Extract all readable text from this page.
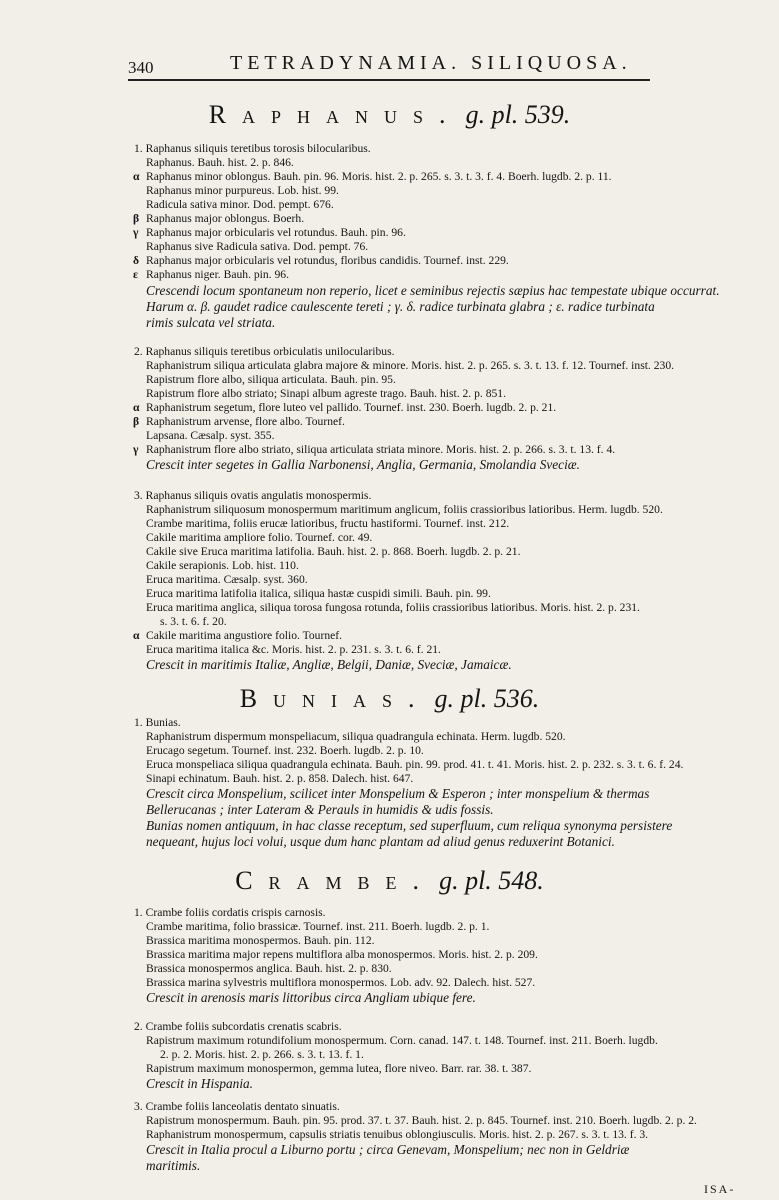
340	TETRADYNAMIA. SILIQUOSA.
Raphanus. g. pl. 539.
1. Raphanus siliquis teretibus torosis bilocularibus.
Raphanus. Bauh. hist. 2. p. 846.
α Raphanus minor oblongus. Bauh. pin. 96. Moris. hist. 2. p. 265. s. 3. t. 3. f. 4. Boerh. lugdb. 2. p. 11.
Raphanus minor purpureus. Lob. hist. 99.
Radicula sativa minor. Dod. pempt. 676.
β Raphanus major oblongus. Boerh.
γ Raphanus major orbicularis vel rotundus. Bauh. pin. 96.
Raphanus sive Radicula sativa. Dod. pempt. 76.
δ Raphanus major orbicularis vel rotundus, floribus candidis. Tournef. inst. 229.
ε Raphanus niger. Bauh. pin. 96.
Crescendi locum spontaneum non reperio, licet e seminibus rejectis sæpius hac tempestate ubique occurrat.
Harum α. β. gaudet radice caulescente tereti ; γ. δ. radice turbinata glabra ; ε. radice turbinata
rimis sulcata vel striata.
2. Raphanus siliquis teretibus orbiculatis unilocularibus.
Raphanistrum siliqua articulata glabra majore & minore. Moris. hist. 2. p. 265. s. 3. t. 13. f. 12. Tournef. inst. 230.
Rapistrum flore albo, siliqua articulata. Bauh. pin. 95.
Rapistrum flore albo striato; Sinapi album agreste trago. Bauh. hist. 2. p. 851.
α Raphanistrum segetum, flore luteo vel pallido. Tournef. inst. 230. Boerh. lugdb. 2. p. 21.
β Raphanistrum arvense, flore albo. Tournef.
Lapsana. Cæsalp. syst. 355.
γ Raphanistrum flore albo striato, siliqua articulata striata minore. Moris. hist. 2. p. 266. s. 3. t. 13. f. 4.
Crescit inter segetes in Gallia Narbonensi, Anglia, Germania, Smolandia Sveciæ.
3. Raphanus siliquis ovatis angulatis monospermis.
Raphanistrum siliquosum monospermum maritimum anglicum, foliis crassioribus latioribus. Herm. lugdb. 520.
Crambe maritima, foliis erucæ latioribus, fructu hastiformi. Tournef. inst. 212.
Cakile maritima ampliore folio. Tournef. cor. 49.
Cakile sive Eruca maritima latifolia. Bauh. hist. 2. p. 868. Boerh. lugdb. 2. p. 21.
Cakile serapionis. Lob. hist. 110.
Eruca maritima. Cæsalp. syst. 360.
Eruca maritima latifolia italica, siliqua hastæ cuspidi simili. Bauh. pin. 99.
Eruca maritima anglica, siliqua torosa fungosa rotunda, foliis crassioribus latioribus. Moris. hist. 2. p. 231.
s. 3. t. 6. f. 20.
α Cakile maritima angustiore folio. Tournef.
Eruca maritima italica &c. Moris. hist. 2. p. 231. s. 3. t. 6. f. 21.
Crescit in maritimis Italiæ, Angliæ, Belgii, Daniæ, Sveciæ, Jamaicæ.
Bunias. g. pl. 536.
1. Bunias.
Raphanistrum dispermum monspeliacum, siliqua quadrangula echinata. Herm. lugdb. 520.
Erucago segetum. Tournef. inst. 232. Boerh. lugdb. 2. p. 10.
Eruca monspeliaca siliqua quadrangula echinata. Bauh. pin. 99. prod. 41. t. 41. Moris. hist. 2. p. 232. s. 3. t. 6. f. 24.
Sinapi echinatum. Bauh. hist. 2. p. 858. Dalech. hist. 647.
Crescit circa Monspelium, scilicet inter Monspelium & Esperon ; inter monspelium & thermas
Bellerucanas ; inter Lateram & Perauls in humidis & udis fossis.
Bunias nomen antiquum, in hac classe receptum, sed superfluum, cum reliqua synonyma persistere
nequeant, hujus loci volui, usque dum hanc plantam ad aliud genus reduxerint Botanici.
Crambe. g. pl. 548.
1. Crambe foliis cordatis crispis carnosis.
Crambe maritima, folio brassicæ. Tournef. inst. 211. Boerh. lugdb. 2. p. 1.
Brassica maritima monospermos. Bauh. pin. 112.
Brassica maritima major repens multiflora alba monospermos. Moris. hist. 2. p. 209.
Brassica monospermos anglica. Bauh. hist. 2. p. 830.
Brassica marina sylvestris multiflora monospermos. Lob. adv. 92. Dalech. hist. 527.
Crescit in arenosis maris littoribus circa Angliam ubique fere.
2. Crambe foliis subcordatis crenatis scabris.
Rapistrum maximum rotundifolium monospermum. Corn. canad. 147. t. 148. Tournef. inst. 211. Boerh. lugdb.
2. p. 2. Moris. hist. 2. p. 266. s. 3. t. 13. f. 1.
Rapistrum maximum monospermon, gemma lutea, flore niveo. Barr. rar. 38. t. 387.
Crescit in Hispania.
3. Crambe foliis lanceolatis dentato sinuatis.
Rapistrum monospermum. Bauh. pin. 95. prod. 37. t. 37. Bauh. hist. 2. p. 845. Tournef. inst. 210. Boerh. lugdb. 2. p. 2.
Raphanistrum monospermum, capsulis striatis tenuibus oblongiusculis. Moris. hist. 2. p. 267. s. 3. t. 13. f. 3.
Crescit in Italia procul a Liburno portu ; circa Genevam, Monspelium; nec non in Geldriæ
maritimis.
ISA-
